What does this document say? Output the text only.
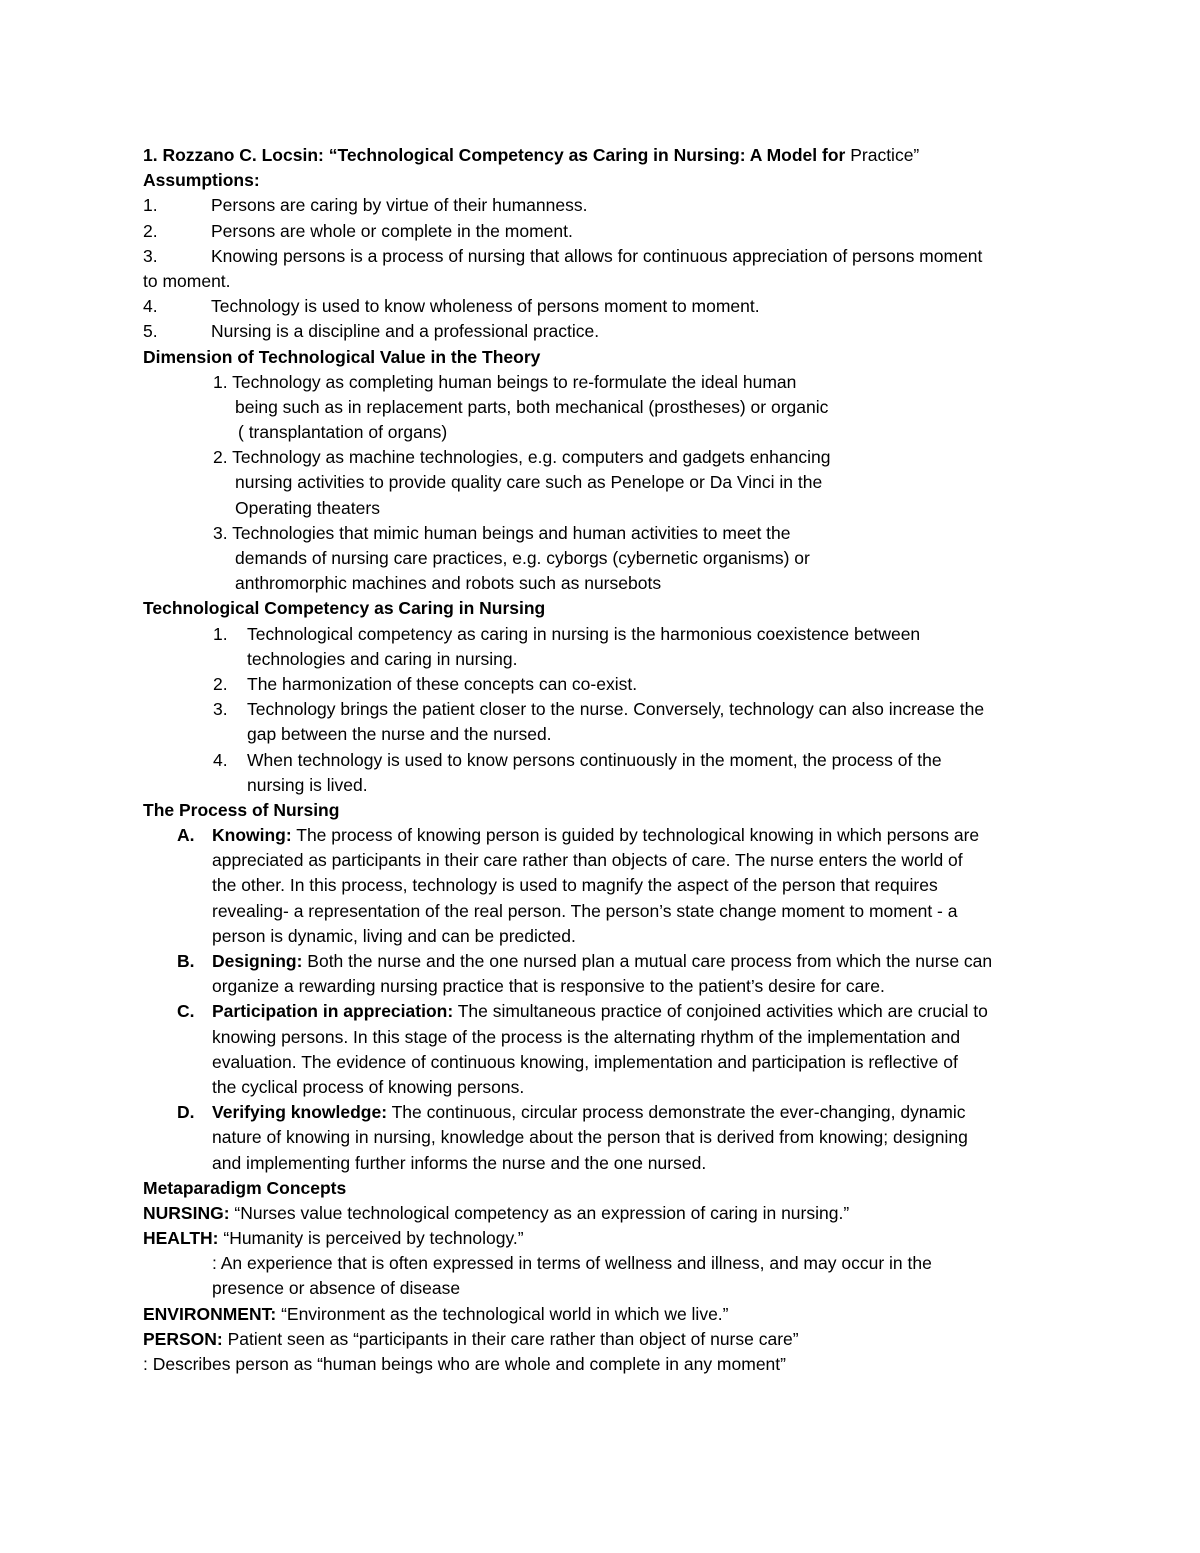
1. Rozzano C. Locsin: “Technological Competency as Caring in Nursing: A Model for Practice”
Assumptions:
1.	Persons are caring by virtue of their humanness.
2.	Persons are whole or complete in the moment.
3.	Knowing persons is a process of nursing that allows for continuous appreciation of persons moment
to moment.
4.	Technology is used to know wholeness of persons moment to moment.
5.	Nursing is a discipline and a professional practice.
Dimension of Technological Value in the Theory
1. Technology as completing human beings to re-formulate the ideal human
being such as in replacement parts, both mechanical (prostheses) or organic
( transplantation of organs)
2. Technology as machine technologies, e.g. computers and gadgets enhancing
nursing activities to provide quality care such as Penelope or Da Vinci in the
Operating theaters
3. Technologies that mimic human beings and human activities to meet the
demands of nursing care practices, e.g. cyborgs (cybernetic organisms) or
anthromorphic machines and robots such as nursebots
Technological Competency as Caring in Nursing
1. Technological competency as caring in nursing is the harmonious coexistence between
technologies and caring in nursing.
2. The harmonization of these concepts can co-exist.
3. Technology brings the patient closer to the nurse. Conversely, technology can also increase the
gap between the nurse and the nursed.
4. When technology is used to know persons continuously in the moment, the process of the
nursing is lived.
The Process of Nursing
A. Knowing: The process of knowing person is guided by technological knowing in which persons are
appreciated as participants in their care rather than objects of care. The nurse enters the world of
the other. In this process, technology is used to magnify the aspect of the person that requires
revealing- a representation of the real person. The person’s state change moment to moment - a
person is dynamic, living and can be predicted.
B. Designing: Both the nurse and the one nursed plan a mutual care process from which the nurse can
organize a rewarding nursing practice that is responsive to the patient’s desire for care.
C. Participation in appreciation: The simultaneous practice of conjoined activities which are crucial to
knowing persons. In this stage of the process is the alternating rhythm of the implementation and
evaluation. The evidence of continuous knowing, implementation and participation is reflective of
the cyclical process of knowing persons.
D. Verifying knowledge: The continuous, circular process demonstrate the ever-changing, dynamic
nature of knowing in nursing, knowledge about the person that is derived from knowing; designing
and implementing further informs the nurse and the one nursed.
Metaparadigm Concepts
NURSING: “Nurses value technological competency as an expression of caring in nursing.”
HEALTH: “Humanity is perceived by technology.”
: An experience that is often expressed in terms of wellness and illness, and may occur in the
presence or absence of disease
ENVIRONMENT: “Environment as the technological world in which we live.”
PERSON: Patient seen as “participants in their care rather than object of nurse care”
: Describes person as “human beings who are whole and complete in any moment”
